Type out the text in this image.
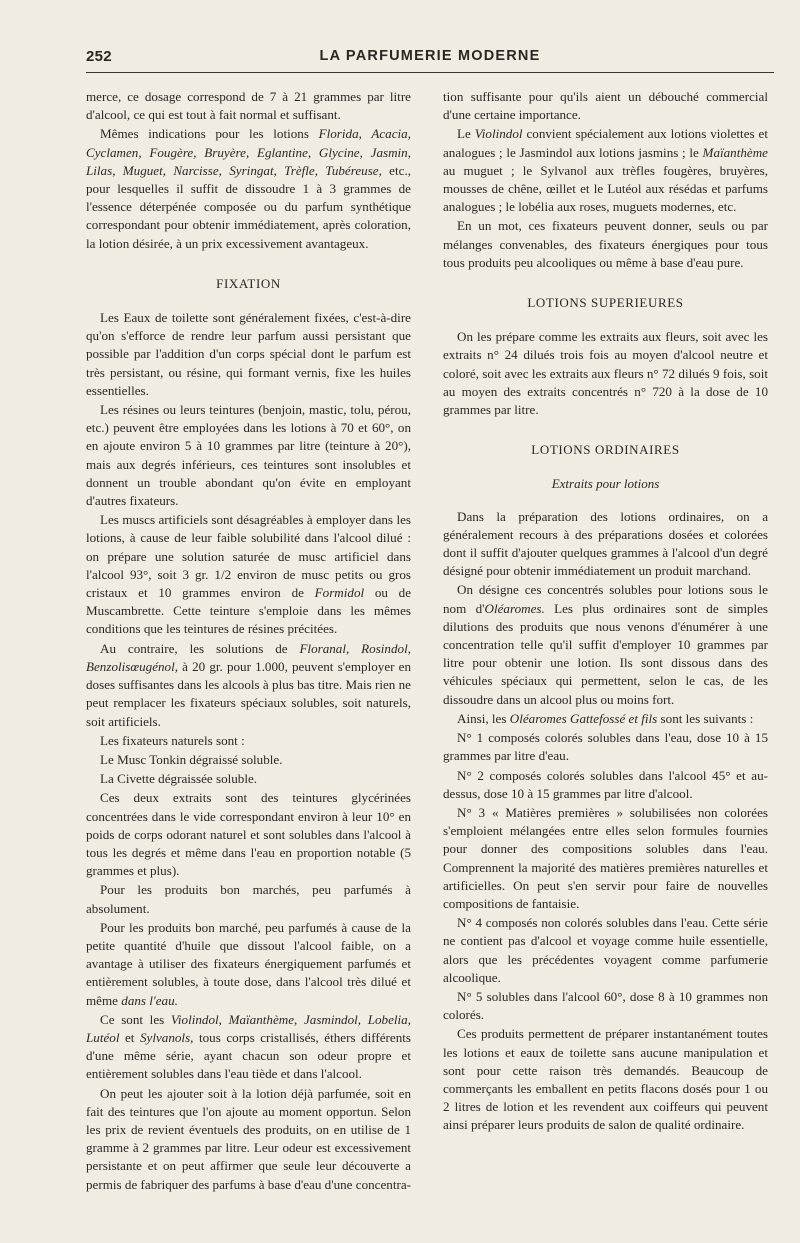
252	LA PARFUMERIE MODERNE

merce, ce dosage correspond de 7 à 21 grammes par litre d'alcool, ce qui est tout à fait normal et suffisant.

Mêmes indications pour les lotions Florida, Acacia, Cyclamen, Fougère, Bruyère, Eglantine, Glycine, Jasmin, Lilas, Muguet, Narcisse, Syringat, Trèfle, Tubéreuse, etc., pour lesquelles il suffit de dissoudre 1 à 3 grammes de l'essence déterpénée composée ou du parfum synthétique correspondant pour obtenir immédiatement, après coloration, la lotion désirée, à un prix excessivement avantageux.

FIXATION

Les Eaux de toilette sont généralement fixées, c'est-à-dire qu'on s'efforce de rendre leur parfum aussi persistant que possible par l'addition d'un corps spécial dont le parfum est très persistant, ou résine, qui formant vernis, fixe les huiles essentielles.

Les résines ou leurs teintures (benjoin, mastic, tolu, pérou, etc.) peuvent être employées dans les lotions à 70 et 60°, on en ajoute environ 5 à 10 grammes par litre (teinture à 20°), mais aux degrés inférieurs, ces teintures sont insolubles et donnent un trouble abondant qu'on évite en employant d'autres fixateurs.

Les muscs artificiels sont désagréables à employer dans les lotions, à cause de leur faible solubilité dans l'alcool dilué : on prépare une solution saturée de musc artificiel dans l'alcool 93°, soit 3 gr. 1/2 environ de musc petits ou gros cristaux et 10 grammes environ de Formidol ou de Muscambrette. Cette teinture s'emploie dans les mêmes conditions que les teintures de résines précitées.

Au contraire, les solutions de Floranal, Rosindol, Benzolisœugénol, à 20 gr. pour 1.000, peuvent s'employer en doses suffisantes dans les alcools à plus bas titre. Mais rien ne peut remplacer les fixateurs spéciaux solubles, soit naturels, soit artificiels.

Les fixateurs naturels sont :

Le Musc Tonkin dégraissé soluble.

La Civette dégraissée soluble.

Ces deux extraits sont des teintures glycérinées concentrées dans le vide correspondant environ à leur 10° en poids de corps odorant naturel et sont solubles dans l'alcool à tous les degrés et même dans l'eau en proportion notable (5 grammes et plus).

Pour les produits bon marchés, peu parfumés à absolument.

Pour les produits bon marché, peu parfumés à cause de la petite quantité d'huile que dissout l'alcool faible, on a avantage à utiliser des fixateurs énergiquement parfumés et entièrement solubles, à toute dose, dans l'alcool très dilué et même dans l'eau.

Ce sont les Violindol, Maïanthème, Jasmindol, Lobelia, Lutéol et Sylvanols, tous corps cristallisés, éthers différents d'une même série, ayant chacun son odeur propre et entièrement solubles dans l'eau tiède et dans l'alcool.

On peut les ajouter soit à la lotion déjà parfumée, soit en fait des teintures que l'on ajoute au moment opportun. Selon les prix de revient éventuels des produits, on en utilise de 1 gramme à 2 grammes par litre. Leur odeur est excessivement persistante et on peut affirmer que seule leur découverte a permis de fabriquer des parfums à base d'eau d'une concentra-

tion suffisante pour qu'ils aient un débouché commercial d'une certaine importance.

Le Violindol convient spécialement aux lotions violettes et analogues ; le Jasmindol aux lotions jasmins ; le Maïanthème au muguet ; le Sylvanol aux trèfles fougères, bruyères, mousses de chêne, œillet et le Lutéol aux résédas et parfums analogues ; le lobélia aux roses, muguets modernes, etc.

En un mot, ces fixateurs peuvent donner, seuls ou par mélanges convenables, des fixateurs énergiques pour tous tous produits peu alcooliques ou même à base d'eau pure.

LOTIONS SUPERIEURES

On les prépare comme les extraits aux fleurs, soit avec les extraits n° 24 dilués trois fois au moyen d'alcool neutre et coloré, soit avec les extraits aux fleurs n° 72 dilués 9 fois, soit au moyen des extraits concentrés n° 720 à la dose de 10 grammes par litre.

LOTIONS ORDINAIRES
Extraits pour lotions

Dans la préparation des lotions ordinaires, on a généralement recours à des préparations dosées et colorées dont il suffit d'ajouter quelques grammes à l'alcool d'un degré désigné pour obtenir immédiatement un produit marchand.

On désigne ces concentrés solubles pour lotions sous le nom d'Oléaromes. Les plus ordinaires sont de simples dilutions des produits que nous venons d'énumérer à une concentration telle qu'il suffit d'employer 10 grammes par litre pour obtenir une lotion. Ils sont dissous dans des véhicules spéciaux qui permettent, selon le cas, de les dissoudre dans un alcool plus ou moins fort.

Ainsi, les Oléaromes Gattefossé et fils sont les suivants :

N° 1 composés colorés solubles dans l'eau, dose 10 à 15 grammes par litre d'eau.

N° 2 composés colorés solubles dans l'alcool 45° et au-dessus, dose 10 à 15 grammes par litre d'alcool.

N° 3 « Matières premières » solubilisées non colorées s'emploient mélangées entre elles selon formules fournies pour donner des compositions solubles dans l'eau. Comprennent la majorité des matières premières naturelles et artificielles. On peut s'en servir pour faire de nouvelles compositions de fantaisie.

N° 4 composés non colorés solubles dans l'eau. Cette série ne contient pas d'alcool et voyage comme huile essentielle, alors que les précédentes voyagent comme parfumerie alcoolique.

N° 5 solubles dans l'alcool 60°, dose 8 à 10 grammes non colorés.

Ces produits permettent de préparer instantanément toutes les lotions et eaux de toilette sans aucune manipulation et sont pour cette raison très demandés. Beaucoup de commerçants les emballent en petits flacons dosés pour 1 ou 2 litres de lotion et les revendent aux coiffeurs qui peuvent ainsi préparer leurs produits de salon de qualité ordinaire.
